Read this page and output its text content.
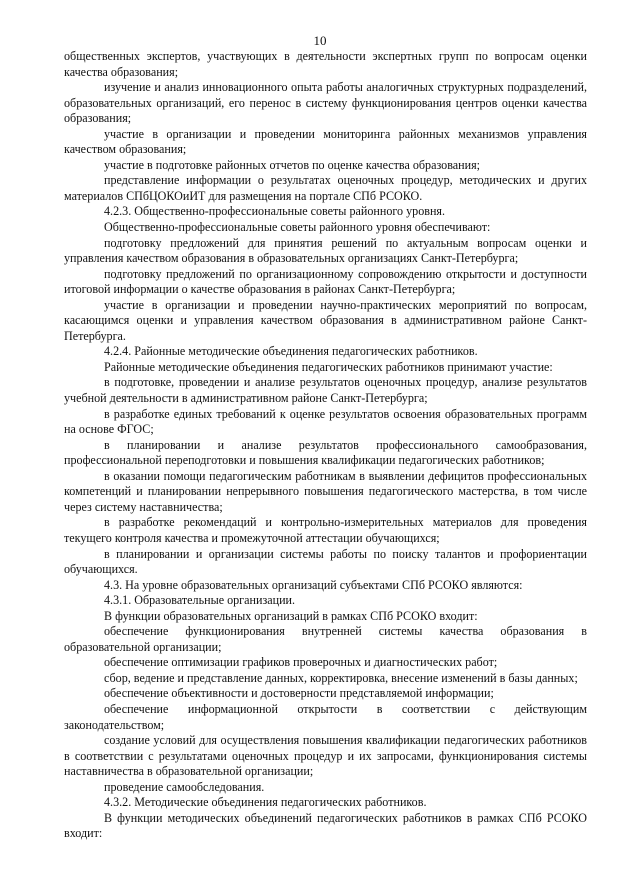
10

общественных экспертов, участвующих в деятельности экспертных групп по вопросам оценки качества образования;

изучение и анализ инновационного опыта работы аналогичных структурных подразделений, образовательных организаций, его перенос в систему функционирования центров оценки качества образования;

участие в организации и проведении мониторинга районных механизмов управления качеством образования;

участие в подготовке районных отчетов по оценке качества образования;

представление информации о результатах оценочных процедур, методических и других материалов СПбЦОКОиИТ для размещения на портале СПб РСОКО.

4.2.3. Общественно-профессиональные советы районного уровня.

Общественно-профессиональные советы районного уровня обеспечивают:

подготовку предложений для принятия решений по актуальным вопросам оценки и управления качеством образования в образовательных организациях Санкт-Петербурга;

подготовку предложений по организационному сопровождению открытости и доступности итоговой информации о качестве образования в районах Санкт-Петербурга;

участие в организации и проведении научно-практических мероприятий по вопросам, касающимся оценки и управления качеством образования в административном районе Санкт-Петербурга.

4.2.4. Районные методические объединения педагогических работников.

Районные методические объединения педагогических работников принимают участие:

в подготовке, проведении и анализе результатов оценочных процедур, анализе результатов учебной деятельности в административном районе Санкт-Петербурга;

в разработке единых требований к оценке результатов освоения образовательных программ на основе ФГОС;

в планировании и анализе результатов профессионального самообразования, профессиональной переподготовки и повышения квалификации педагогических работников;

в оказании помощи педагогическим работникам в выявлении дефицитов профессиональных компетенций и планировании непрерывного повышения педагогического мастерства, в том числе через систему наставничества;

в разработке рекомендаций и контрольно-измерительных материалов для проведения текущего контроля качества и промежуточной аттестации обучающихся;

в планировании и организации системы работы по поиску талантов и профориентации обучающихся.

4.3. На уровне образовательных организаций субъектами СПб РСОКО являются:

4.3.1. Образовательные организации.

В функции образовательных организаций в рамках СПб РСОКО входит:

обеспечение функционирования внутренней системы качества образования в образовательной организации;

обеспечение оптимизации графиков проверочных и диагностических работ;

сбор, ведение и представление данных, корректировка, внесение изменений в базы данных;

обеспечение объективности и достоверности представляемой информации;

обеспечение информационной открытости в соответствии с действующим законодательством;

создание условий для осуществления повышения квалификации педагогических работников в соответствии с результатами оценочных процедур и их запросами, функционирования системы наставничества в образовательной организации;

проведение самообследования.

4.3.2. Методические объединения педагогических работников.

В функции методических объединений педагогических работников в рамках СПб РСОКО входит:
